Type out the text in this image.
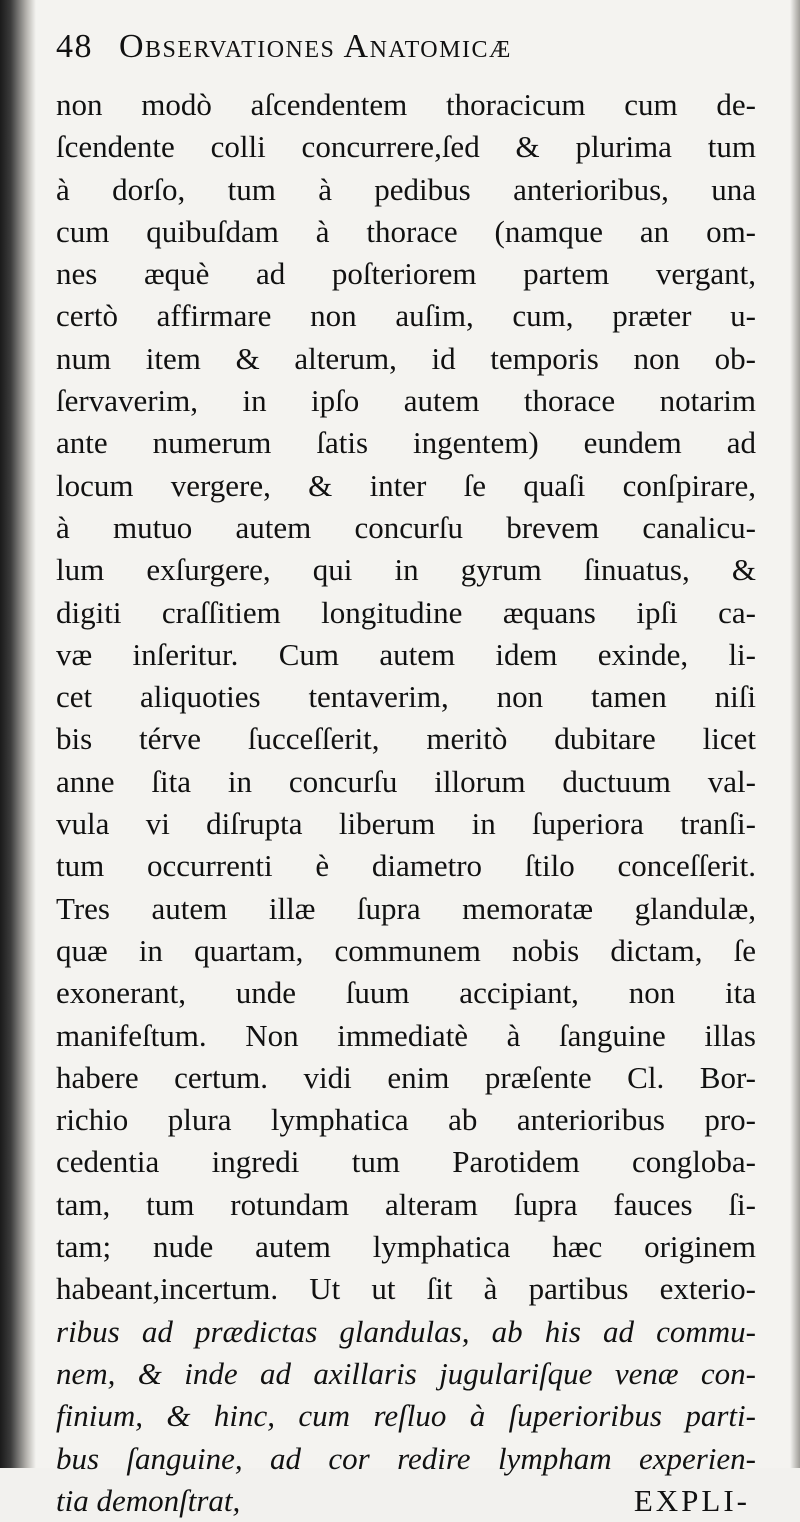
48 Observationes Anatomicæ
non modò aſcendentem thoracicum cum de-
ſcendente colli concurrere,ſed & plurima tum
à dorſo, tum à pedibus anterioribus, una
cum quibuſdam à thorace (namque an om-
nes æquè ad poſteriorem partem vergant,
certò affirmare non auſim, cum, præter u-
num item & alterum, id temporis non ob-
ſervaverim, in ipſo autem thorace notarim
ante numerum ſatis ingentem) eundem ad
locum vergere, & inter ſe quaſi conſpirare,
à mutuo autem concurſu brevem canalicu-
lum exſurgere, qui in gyrum ſinuatus, &
digiti craſſitiem longitudine æquans ipſi ca-
væ inſeritur. Cum autem idem exinde, li-
cet aliquoties tentaverim, non tamen niſi
bis térve ſucceſſerit, meritò dubitare licet
anne ſita in concurſu illorum ductuum val-
vula vi diſrupta liberum in ſuperiora tranſi-
tum occurrenti è diametro ſtilo conceſſerit.
Tres autem illæ ſupra memoratæ glandulæ,
quæ in quartam, communem nobis dictam, ſe
exonerant, unde ſuum accipiant, non ita
manifeſtum. Non immediatè à ſanguine illas
habere certum. vidi enim præſente Cl. Bor-
richio plura lymphatica ab anterioribus pro-
cedentia ingredi tum Parotidem congloba-
tam, tum rotundam alteram ſupra fauces ſi-
tam; nude autem lymphatica hæc originem
habeant,incertum. Ut ut ſit à partibus exterio-
ribus ad prædictas glandulas, ab his ad commu-
nem, & inde ad axillaris jugulariſque venæ con-
finium, & hinc, cum reſluo à ſuperioribus parti-
bus ſanguine, ad cor redire lympham experien-
tia demonſtrat,	EXPLI-
